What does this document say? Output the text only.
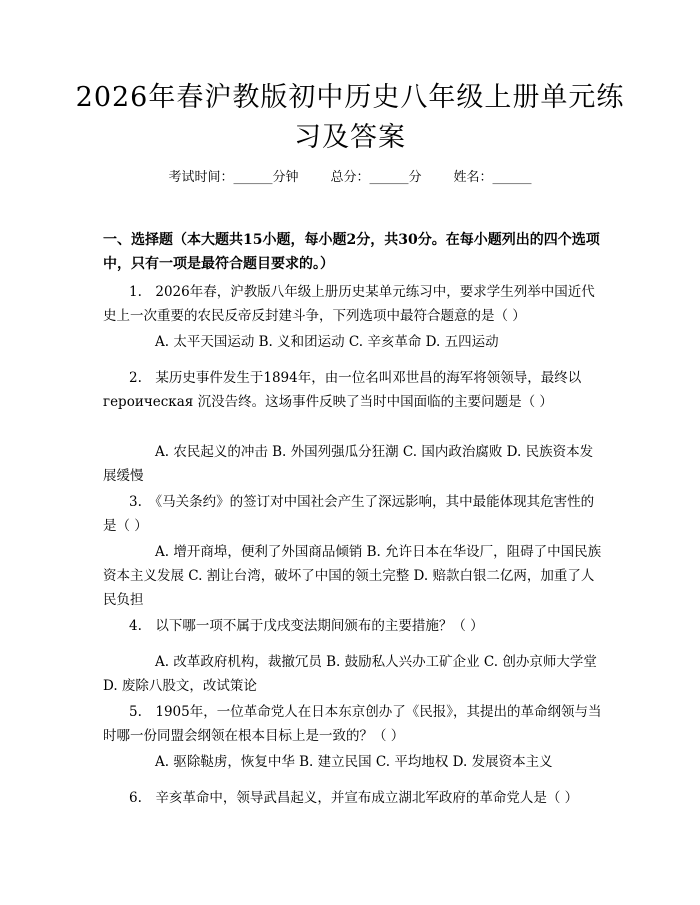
2026年春沪教版初中历史八年级上册单元练习及答案
考试时间：______分钟 总分：______分 姓名：______
一、选择题（本大题共15小题，每小题2分，共30分。在每小题列出的四个选项中，只有一项是最符合题目要求的。）
1.　2026年春，沪教版八年级上册历史某单元练习中，要求学生列举中国近代史上一次重要的农民反帝反封建斗争，下列选项中最符合题意的是（ ）
A. 太平天国运动 B. 义和团运动 C. 辛亥革命 D. 五四运动
2.　某历史事件发生于1894年，由一位名叫邓世昌的海军将领领导，最终以 героическая 沉没告终。这场事件反映了当时中国面临的主要问题是（ ）
A. 农民起义的冲击 B. 外国列强瓜分狂潮 C. 国内政治腐败 D. 民族资本发展缓慢
3.　《马关条约》的签订对中国社会产生了深远影响，其中最能体现其危害性的是（ ）
A. 增开商埠，便利了外国商品倾销 B. 允许日本在华设厂，阻碍了中国民族资本主义发展 C. 割让台湾，破坏了中国的领土完整 D. 赔款白银二亿两，加重了人民负担
4.　以下哪一项不属于戊戌变法期间颁布的主要措施？（ ）
A. 改革政府机构，裁撤冗员 B. 鼓励私人兴办工矿企业 C. 创办京师大学堂 D. 废除八股文，改试策论
5.　1905年，一位革命党人在日本东京创办了《民报》，其提出的革命纲领与当时哪一份同盟会纲领在根本目标上是一致的？（ ）
A. 驱除鞑虏，恢复中华 B. 建立民国 C. 平均地权 D. 发展资本主义
6.　辛亥革命中，领导武昌起义，并宣布成立湖北军政府的革命党人是（ ）
